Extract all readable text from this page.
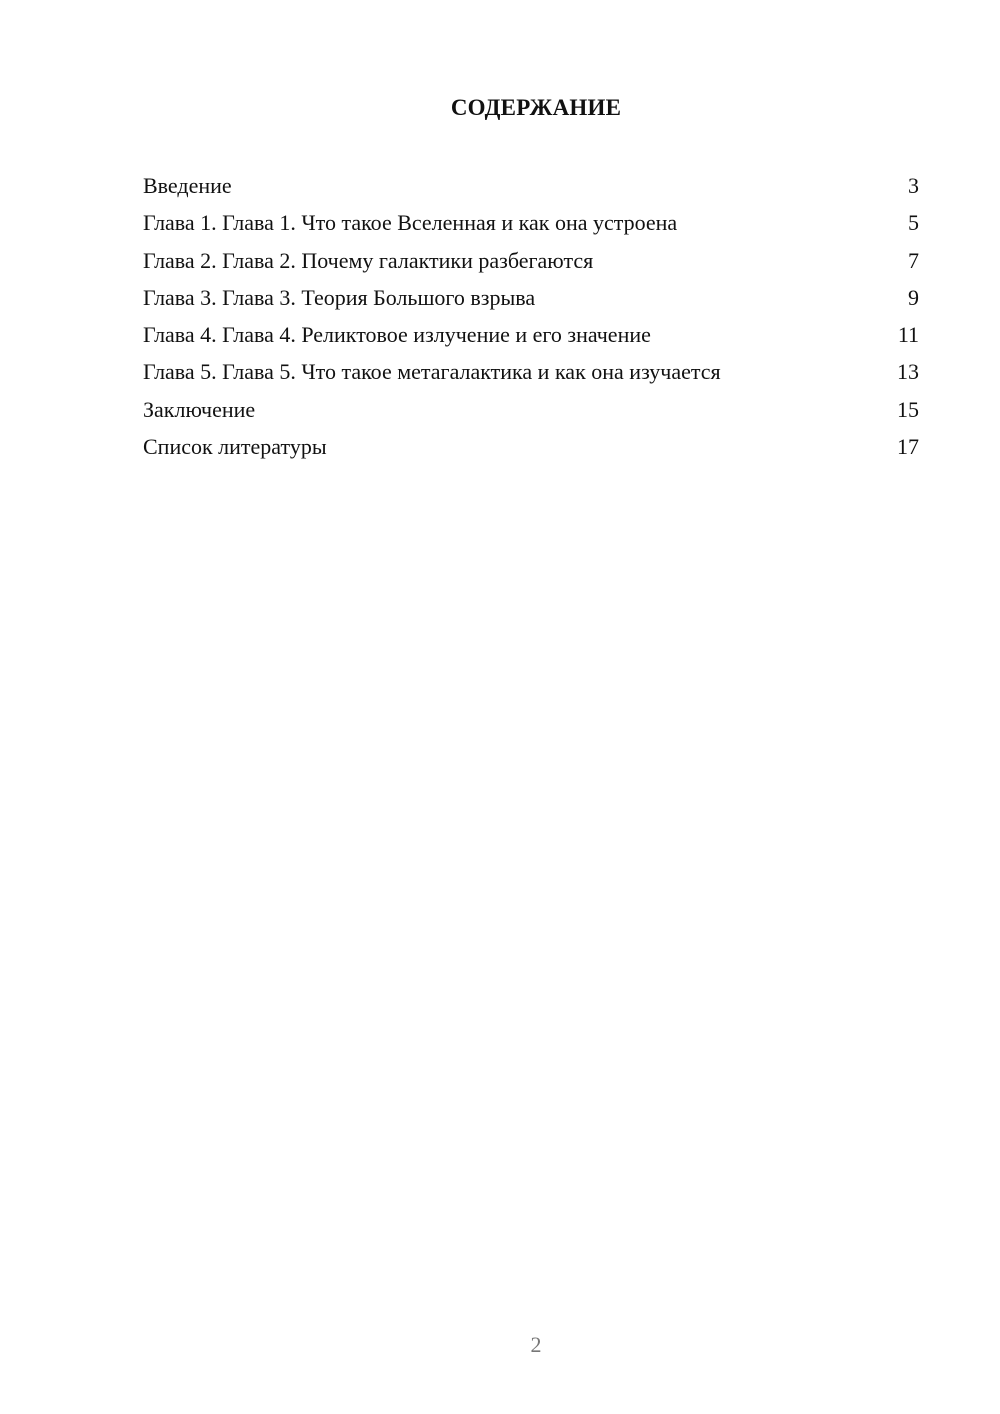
СОДЕРЖАНИЕ
Введение	3
Глава 1. Глава 1. Что такое Вселенная и как она устроена	5
Глава 2. Глава 2. Почему галактики разбегаются	7
Глава 3. Глава 3. Теория Большого взрыва	9
Глава 4. Глава 4. Реликтовое излучение и его значение	11
Глава 5. Глава 5. Что такое метагалактика и как она изучается	13
Заключение	15
Список литературы	17
2
